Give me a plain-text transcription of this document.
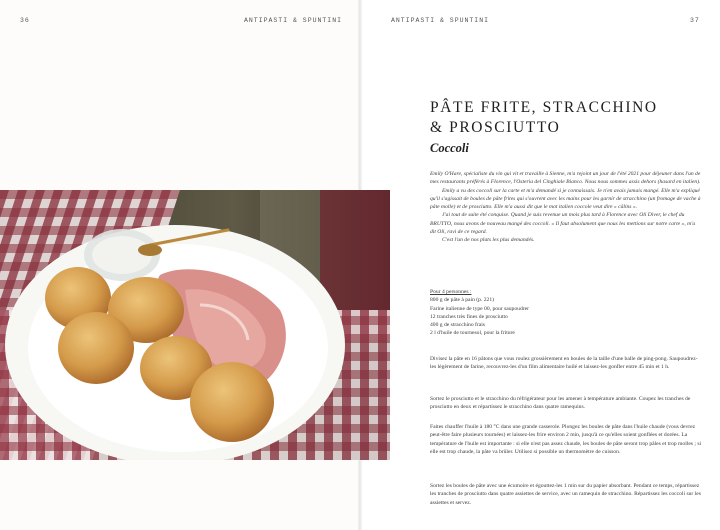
36	ANTIPASTI & SPUNTINI	ANTIPASTI & SPUNTINI	37
PÂTE FRITE, STRACCHINO
& PROSCIUTTO
Coccoli

Emily O'Hare, spécialiste du vin qui vit et travaille à Sienne, m'a rejoint un jour de l'été 2021 pour déjeuner dans l'un de mes restaurants préférés à Florence, l'Osteria del Cinghiale Bianco. Nous nous sommes assis dehors (hasard en italien).

Emily a vu des coccoli sur la carte et m'a demandé si je connaissais. Je n'en avais jamais mangé. Elle m'a expliqué qu'il s'agissait de boules de pâte frites qui s'ouvrent avec les mains pour les garnir de stracchino (un fromage de vache à pâte molle) et de prosciutto. Elle m'a aussi dit que le mot italien coccole veut dire « câlins ».

J'ai tout de suite été conquise. Quand je suis revenue un mois plus tard à Florence avec Oli Diver, le chef du BRUTTO, nous avons de nouveau mangé des coccoli. « Il faut absolument que nous les mettions sur notre carte », m'a dit Oli, ravi de ce regard.

C'est l'un de nos plats les plus demandés.

Pour 4 personnes :

800 g de pâte à pain (p. 221)

Farine italienne de type 00, pour saupoudrer

12 tranches très fines de prosciutto

400 g de stracchino frais

2 l d'huile de tournesol, pour la friture

Divisez la pâte en 16 pâtons que vous roulez grossièrement en boules de la taille d'une balle de ping-pong. Saupoudrez-les légèrement de farine, recouvrez-les d'un film alimentaire huilé et laissez-les gonfler entre 45 min et 1 h.

Sortez le prosciutto et le stracchino du réfrigérateur pour les amener à température ambiante. Coupez les tranches de prosciutto en deux et répartissez le stracchino dans quatre ramequins.

Faites chauffer l'huile à 180 °C dans une grande casserole. Plongez les boules de pâte dans l'huile chaude (vous devrez peut-être faire plusieurs tournées) et laissez-les frire environ 2 min, jusqu'à ce qu'elles soient gonflées et dorées. La température de l'huile est importante : si elle n'est pas assez chaude, les boules de pâte seront trop pâles et trop molles ; si elle est trop chaude, la pâte va brûler. Utilisez si possible un thermomètre de cuisson.

Sortez les boules de pâte avec une écumoire et égouttez-les 1 min sur du papier absorbant. Pendant ce temps, répartissez les tranches de prosciutto dans quatre assiettes de service, avec un ramequin de stracchino. Répartissez les coccoli sur les assiettes et servez.
